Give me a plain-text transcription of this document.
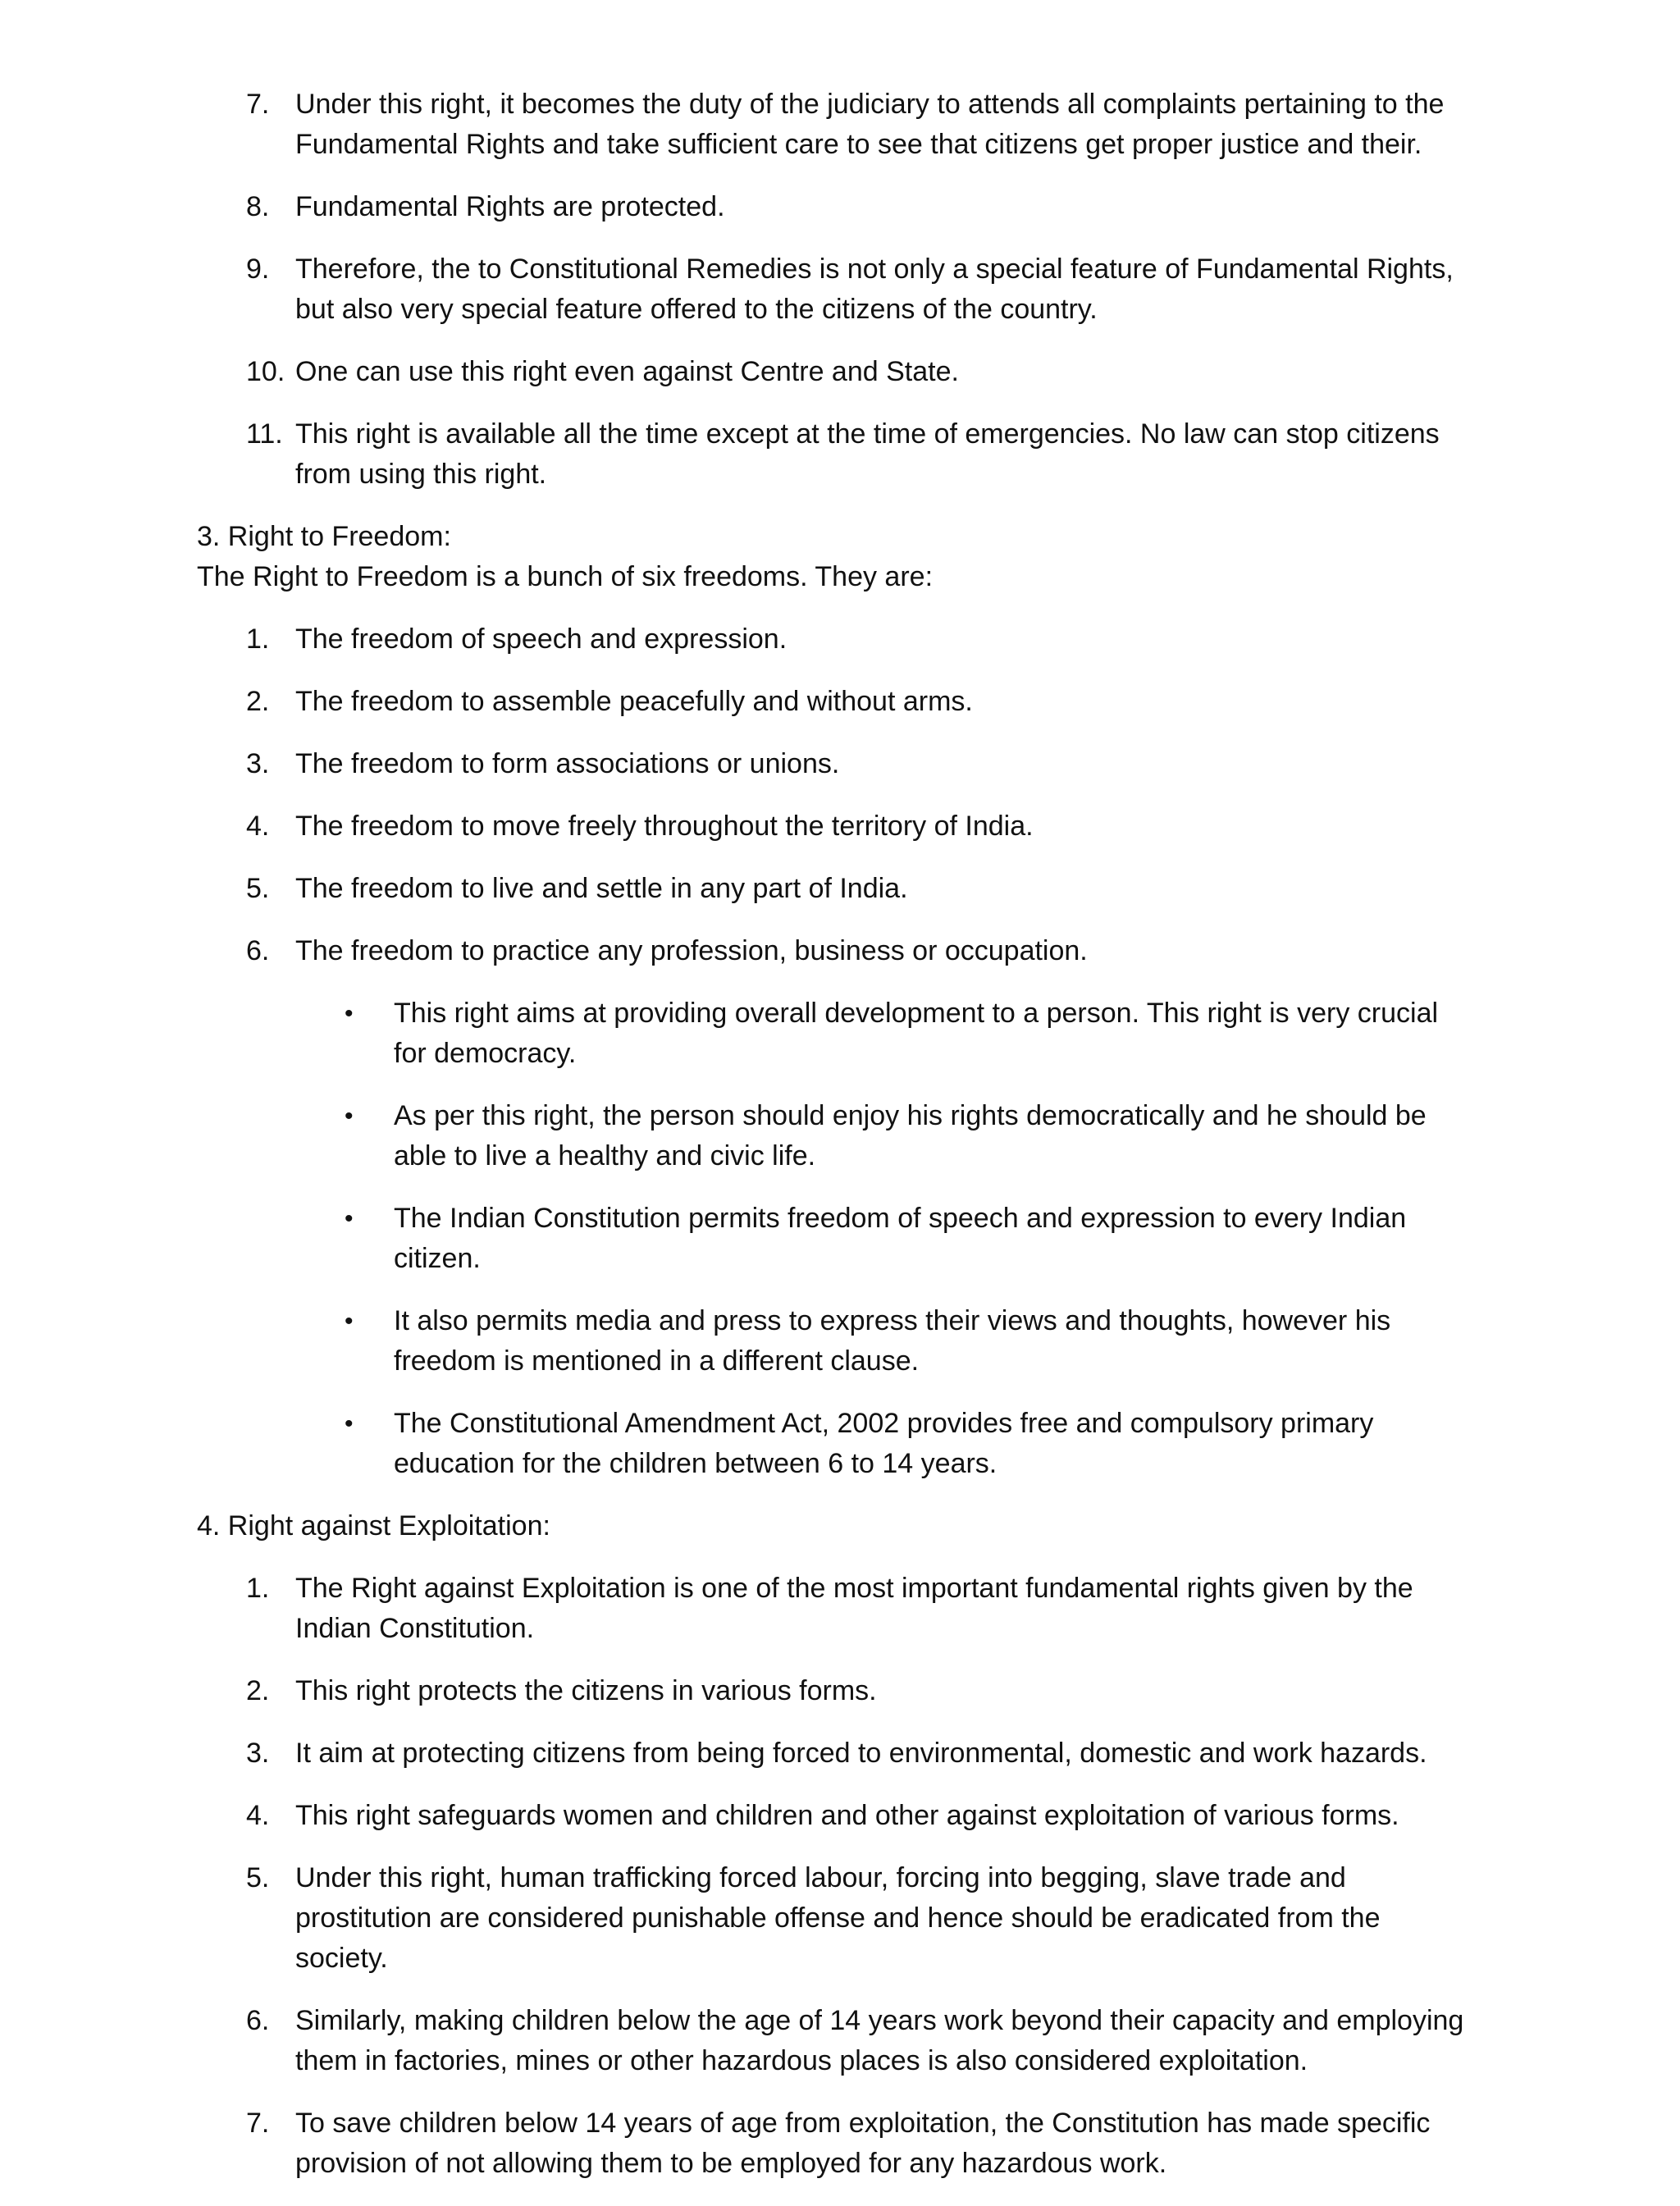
7. Under this right, it becomes the duty of the judiciary to attends all complaints pertaining to the Fundamental Rights and take sufficient care to see that citizens get proper justice and their.
8. Fundamental Rights are protected.
9. Therefore, the to Constitutional Remedies is not only a special feature of Fundamental Rights, but also very special feature offered to the citizens of the country.
10. One can use this right even against Centre and State.
11. This right is available all the time except at the time of emergencies. No law can stop citizens from using this right.

3. Right to Freedom:

The Right to Freedom is a bunch of six freedoms. They are:

1. The freedom of speech and expression.
2. The freedom to assemble peacefully and without arms.
3. The freedom to form associations or unions.
4. The freedom to move freely throughout the territory of India.
5. The freedom to live and settle in any part of India.
6. The freedom to practice any profession, business or occupation.
•	This right aims at providing overall development to a person. This right is very crucial for democracy.
•	As per this right, the person should enjoy his rights democratically and he should be able to live a healthy and civic life.
•	The Indian Constitution permits freedom of speech and expression to every Indian citizen.
•	It also permits media and press to express their views and thoughts, however his freedom is mentioned in a different clause.
•	The Constitutional Amendment Act, 2002 provides free and compulsory primary education for the children between 6 to 14 years.

4. Right against Exploitation:

1. The Right against Exploitation is one of the most important fundamental rights given by the Indian Constitution.
2. This right protects the citizens in various forms.
3. It aim at protecting citizens from being forced to environmental, domestic and work hazards.
4. This right safeguards women and children and other against exploitation of various forms.
5. Under this right, human trafficking forced labour, forcing into begging, slave trade and prostitution are considered punishable offense and hence should be eradicated from the society.
6. Similarly, making children below the age of 14 years work beyond their capacity and employing them in factories, mines or other hazardous places is also considered exploitation.
7. To save children below 14 years of age from exploitation, the Constitution has made specific provision of not allowing them to be employed for any hazardous work.
